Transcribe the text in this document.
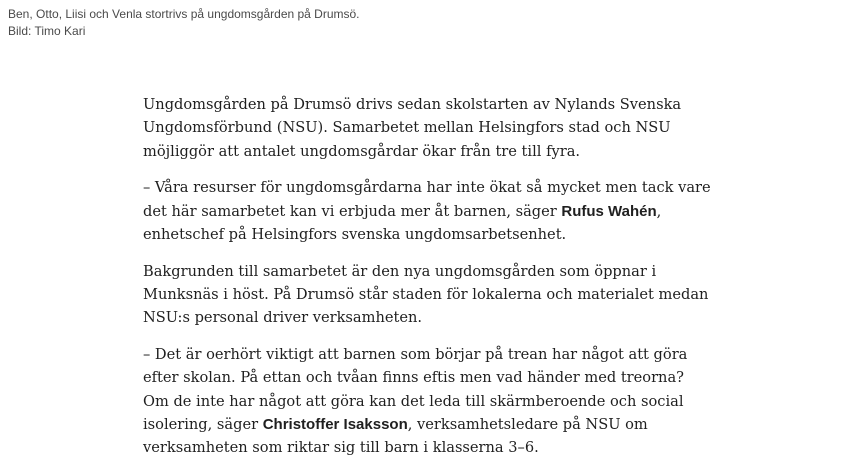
Ben, Otto, Liisi och Venla stortrivs på ungdomsgården på Drumsö.
Bild: Timo Kari

Ungdomsgården på Drumsö drivs sedan skolstarten av Nylands Svenska
Ungdomsförbund (NSU). Samarbetet mellan Helsingfors stad och NSU
möjliggör att antalet ungdomsgårdar ökar från tre till fyra.

– Våra resurser för ungdomsgårdarna har inte ökat så mycket men tack vare
det här samarbetet kan vi erbjuda mer åt barnen, säger Rufus Wahén,
enhetschef på Helsingfors svenska ungdomsarbetsenhet.

Bakgrunden till samarbetet är den nya ungdomsgården som öppnar i
Munksnäs i höst. På Drumsö står staden för lokalerna och materialet medan
NSU:s personal driver verksamheten.

– Det är oerhört viktigt att barnen som börjar på trean har något att göra
efter skolan. På ettan och tvåan finns eftis men vad händer med treorna?
Om de inte har något att göra kan det leda till skärmberoende och social
isolering, säger Christoffer Isaksson, verksamhetsledare på NSU om
verksamheten som riktar sig till barn i klasserna 3–6.
